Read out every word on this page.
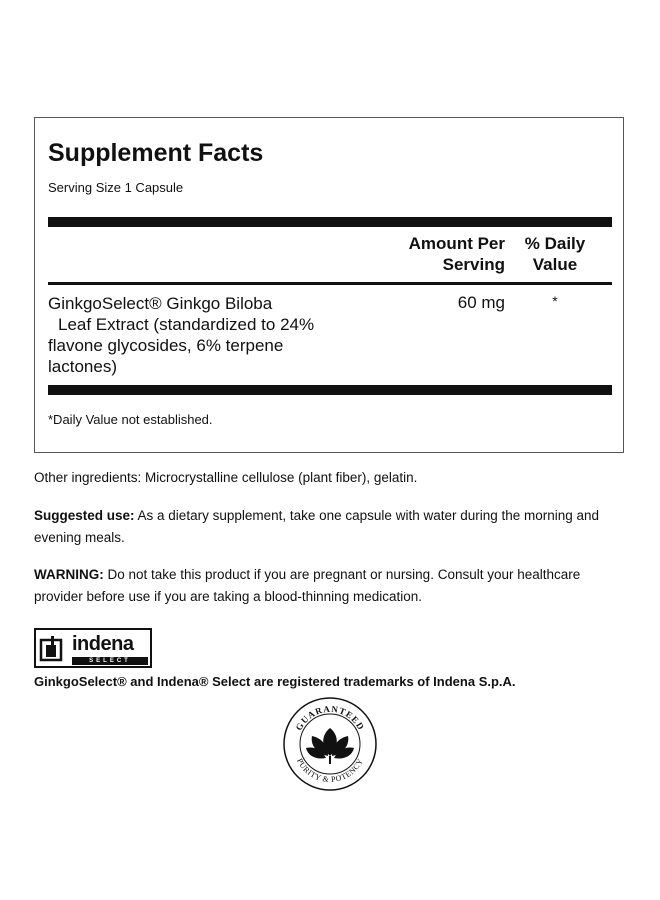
Supplement Facts
Serving Size 1 Capsule
Amount Per
Serving
% Daily
Value
GinkgoSelect® Ginkgo Biloba
Leaf Extract (standardized to 24%
flavone glycosides, 6% terpene
lactones)
60 mg	*
*Daily Value not established.
Other ingredients: Microcrystalline cellulose (plant fiber), gelatin.
Suggested use: As a dietary supplement, take one capsule with water during the morning and evening meals.
WARNING: Do not take this product if you are pregnant or nursing. Consult your healthcare provider before use if you are taking a blood-thinning medication.
indena
SELECT
GinkgoSelect® and Indena® Select are registered trademarks of Indena S.p.A.
GUARANTEED
PURITY & POTENCY
